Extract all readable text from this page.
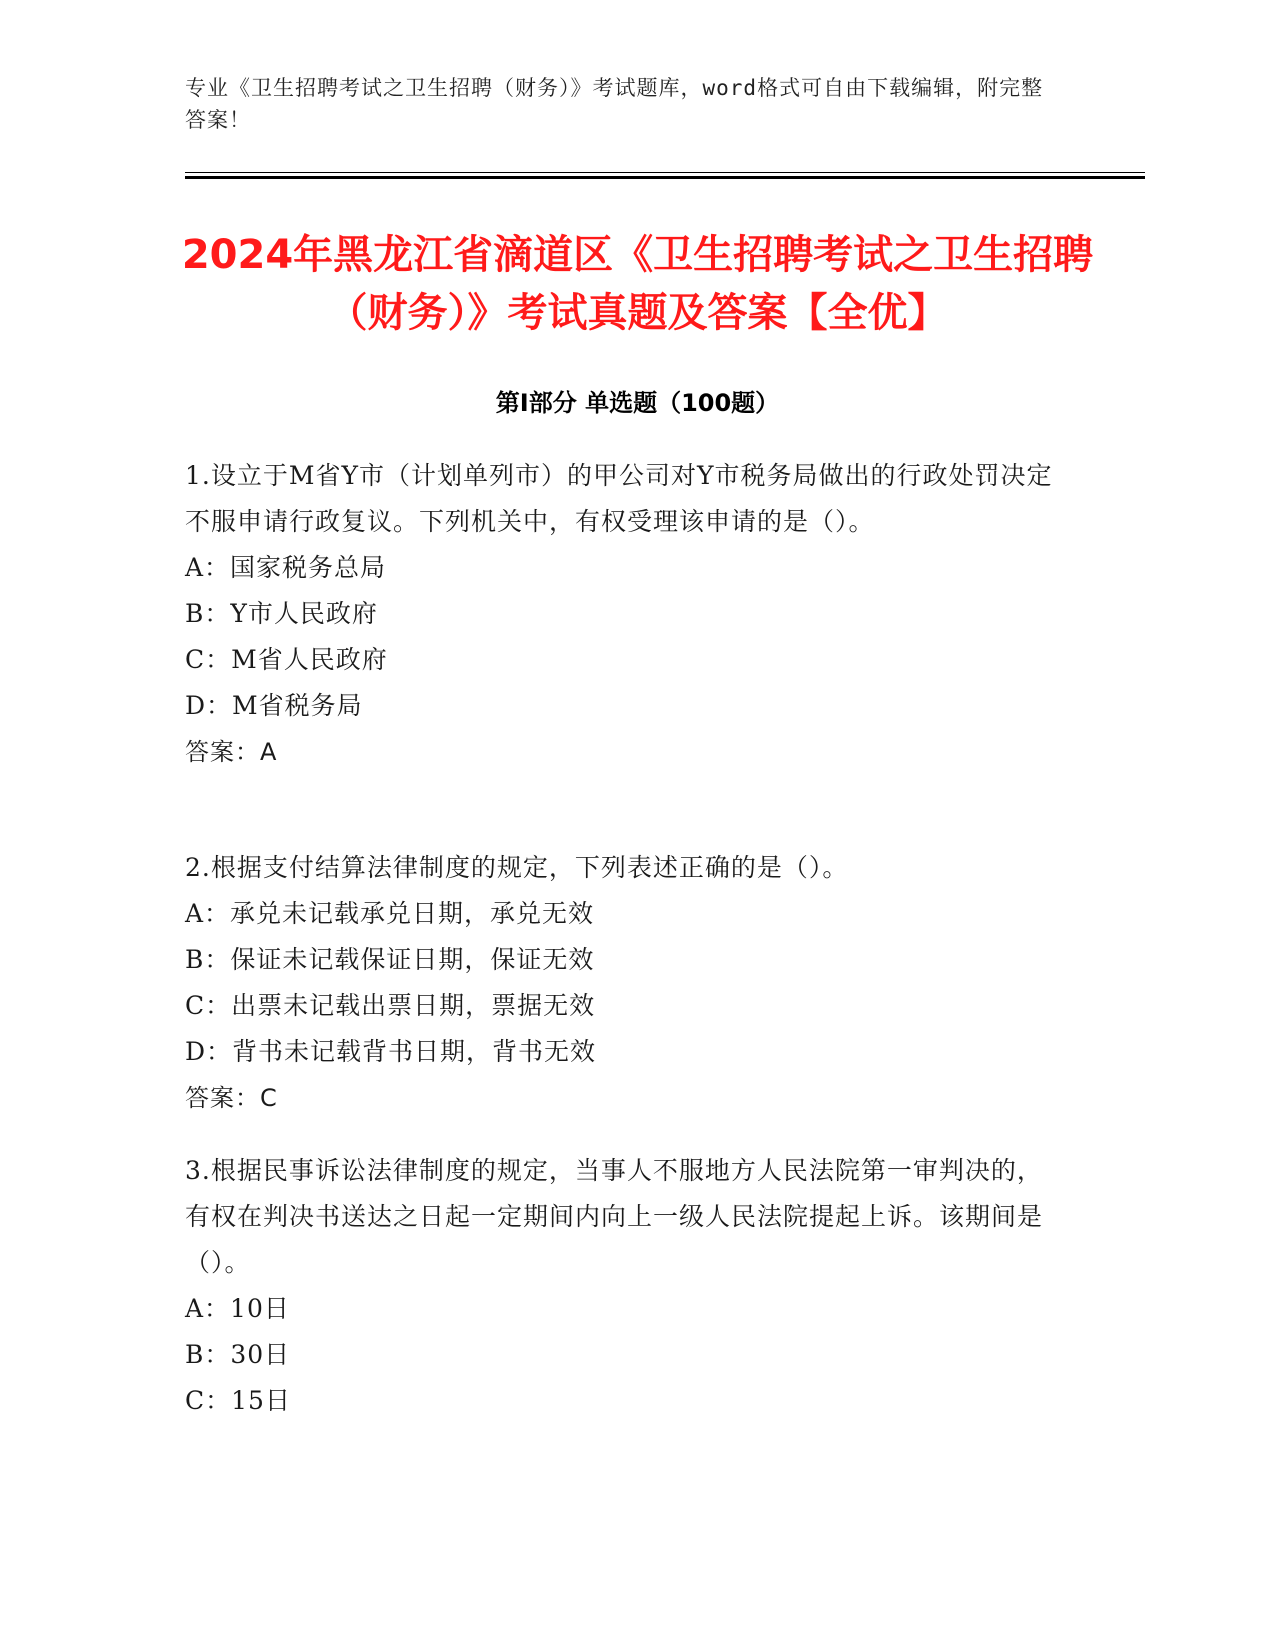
专业《卫生招聘考试之卫生招聘（财务）》考试题库，word格式可自由下载编辑，附完整答案！
2024年黑龙江省滴道区《卫生招聘考试之卫生招聘（财务）》考试真题及答案【全优】
第Ⅰ部分 单选题（100题）

1.设立于M省Y市（计划单列市）的甲公司对Y市税务局做出的行政处罚决定不服申请行政复议。下列机关中，有权受理该申请的是（）。

A：国家税务总局

B：Y市人民政府

C：M省人民政府

D：M省税务局

答案：A

2.根据支付结算法律制度的规定，下列表述正确的是（）。

A：承兑未记载承兑日期，承兑无效

B：保证未记载保证日期，保证无效

C：出票未记载出票日期，票据无效

D：背书未记载背书日期，背书无效

答案：C

3.根据民事诉讼法律制度的规定，当事人不服地方人民法院第一审判决的，有权在判决书送达之日起一定期间内向上一级人民法院提起上诉。该期间是（）。

A：10日

B：30日

C：15日
